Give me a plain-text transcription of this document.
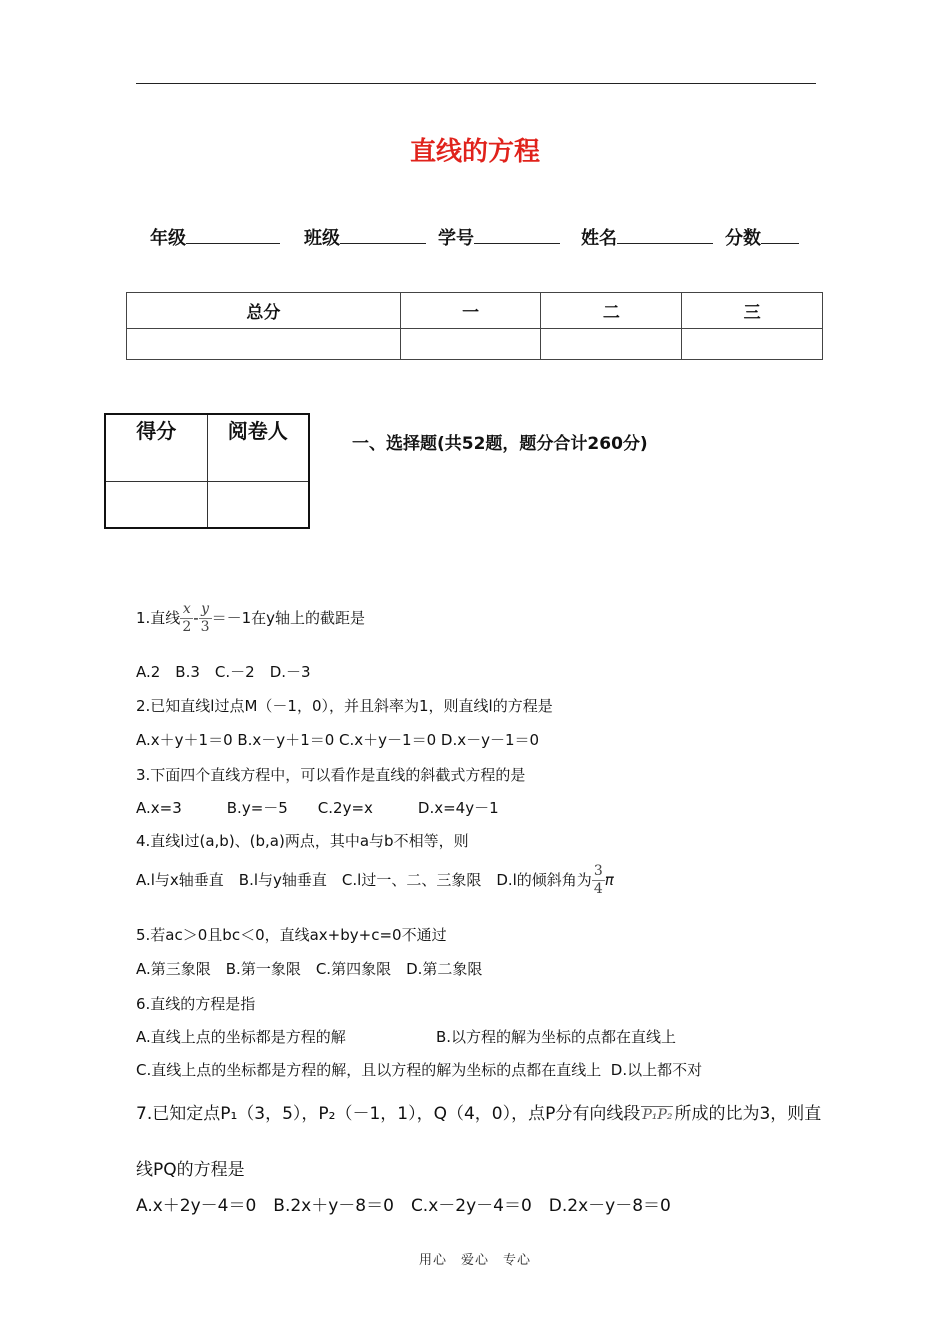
直线的方程
年级	班级	学号	姓名	分数
总分	一	二	三

得分	阅卷人

一、选择题(共52题，题分合计260分)
1.直线 $\frac{x}{2} - \frac{y}{3} =-1$在y轴上的截距是
A.2　B.3　C.－2　D.－3
2.已知直线l过点M（－1，0），并且斜率为1，则直线l的方程是
A.x＋y＋1＝0 B.x－y＋1＝0 C.x＋y－1＝0 D.x－y－1＝0
3.下面四个直线方程中，可以看作是直线的斜截式方程的是
A.x=3　　　B.y=－5　　C.2y=x　　　D.x=4y－1
4.直线l过(a,b)、(b,a)两点，其中a与b不相等，则
A.l与x轴垂直　B.l与y轴垂直　C.l过一、二、三象限　D.l的倾斜角为 $\frac{3}{4}$ π
5.若ac＞0且bc＜0，直线ax+by+c=0不通过
A.第三象限　B.第一象限　C.第四象限　D.第二象限
6.直线的方程是指
A.直线上点的坐标都是方程的解	B.以方程的解为坐标的点都在直线上
C.直线上点的坐标都是方程的解，且以方程的解为坐标的点都在直线上 D.以上都不对
7.已知定点P₁（3，5），P₂（－1，1），Q（4，0），点P分有向线段 P₁P₂ 所成的比为3，则直
线PQ的方程是
A.x＋2y－4＝0　B.2x＋y－8＝0　C.x－2y－4＝0　D.2x－y－8＝0
用心　爱心　专心
